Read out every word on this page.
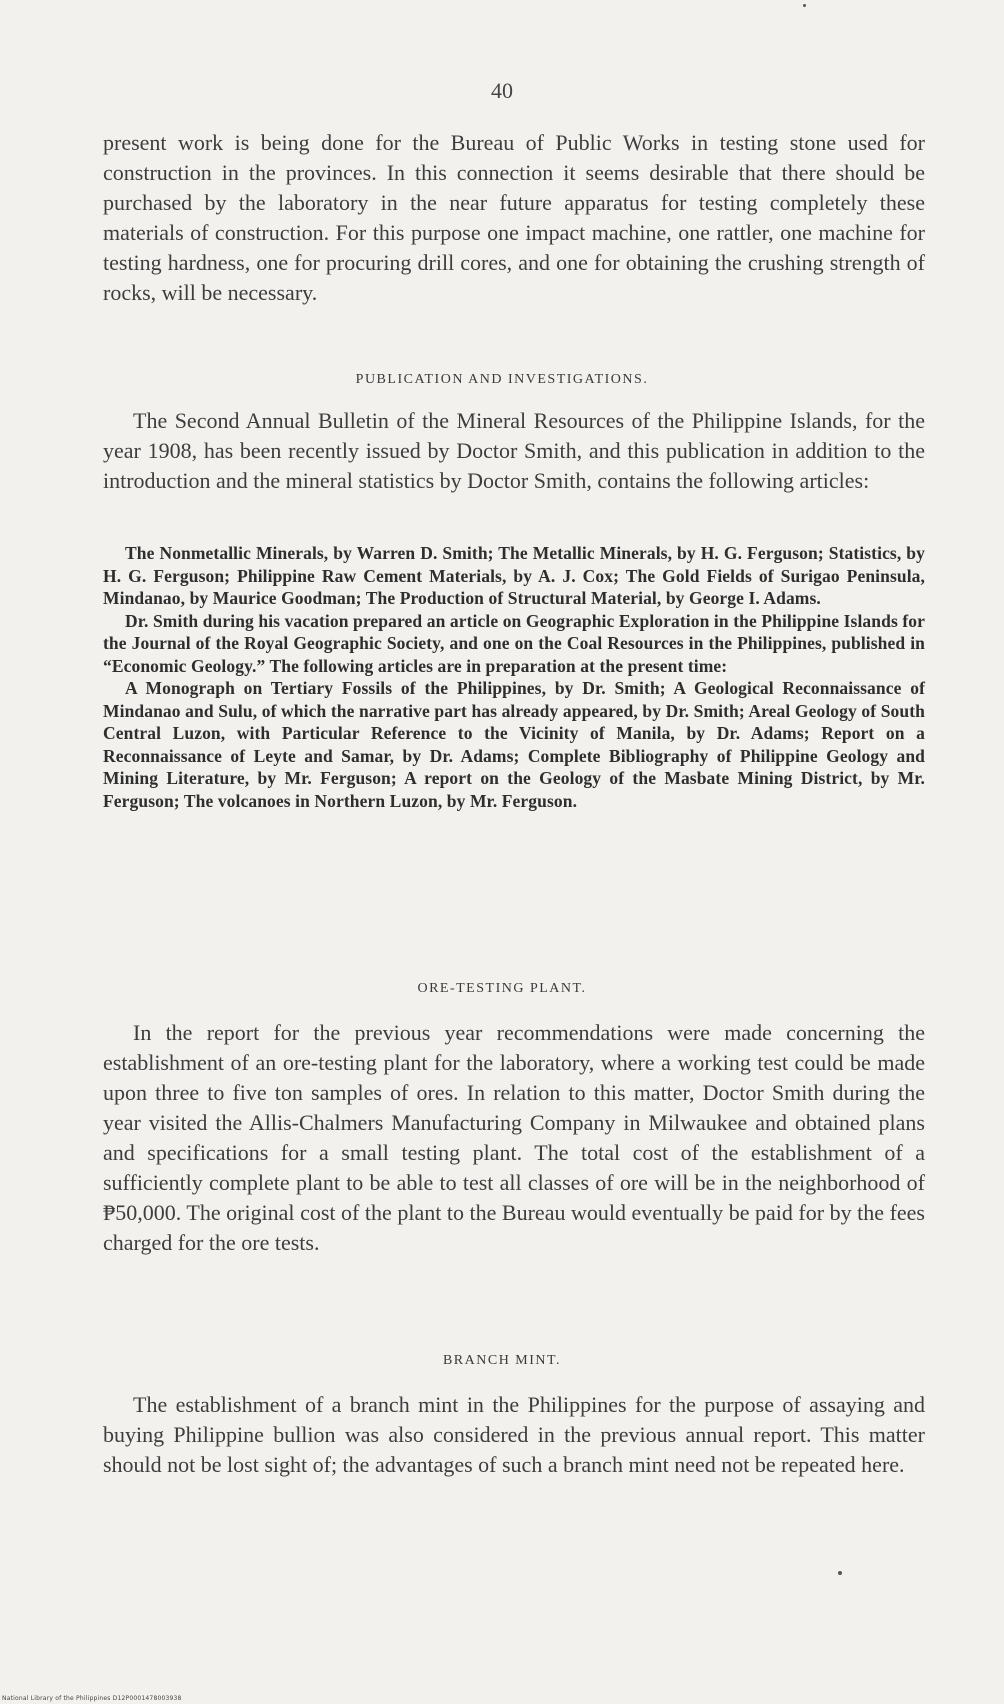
40

present work is being done for the Bureau of Public Works in testing stone used for construction in the provinces. In this connection it seems desirable that there should be purchased by the laboratory in the near future apparatus for testing completely these materials of construction. For this purpose one impact machine, one rattler, one machine for testing hardness, one for procuring drill cores, and one for obtaining the crushing strength of rocks, will be necessary.

PUBLICATION AND INVESTIGATIONS.

The Second Annual Bulletin of the Mineral Resources of the Philippine Islands, for the year 1908, has been recently issued by Doctor Smith, and this publication in addition to the introduction and the mineral statistics by Doctor Smith, contains the following articles:

The Nonmetallic Minerals, by Warren D. Smith; The Metallic Minerals, by H. G. Ferguson; Statistics, by H. G. Ferguson; Philippine Raw Cement Materials, by A. J. Cox; The Gold Fields of Surigao Peninsula, Mindanao, by Maurice Goodman; The Production of Structural Material, by George I. Adams.

Dr. Smith during his vacation prepared an article on Geographic Exploration in the Philippine Islands for the Journal of the Royal Geographic Society, and one on the Coal Resources in the Philippines, published in “Economic Geology.” The following articles are in preparation at the present time:

A Monograph on Tertiary Fossils of the Philippines, by Dr. Smith; A Geological Reconnaissance of Mindanao and Sulu, of which the narrative part has already appeared, by Dr. Smith; Areal Geology of South Central Luzon, with Particular Reference to the Vicinity of Manila, by Dr. Adams; Report on a Reconnaissance of Leyte and Samar, by Dr. Adams; Complete Bibliography of Philippine Geology and Mining Literature, by Mr. Ferguson; A report on the Geology of the Masbate Mining District, by Mr. Ferguson; The volcanoes in Northern Luzon, by Mr. Ferguson.

ORE-TESTING PLANT.

In the report for the previous year recommendations were made concerning the establishment of an ore-testing plant for the laboratory, where a working test could be made upon three to five ton samples of ores. In relation to this matter, Doctor Smith during the year visited the Allis-Chalmers Manufacturing Company in Milwaukee and obtained plans and specifications for a small testing plant. The total cost of the establishment of a sufficiently complete plant to be able to test all classes of ore will be in the neighborhood of ₱50,000. The original cost of the plant to the Bureau would eventually be paid for by the fees charged for the ore tests.

BRANCH MINT.

The establishment of a branch mint in the Philippines for the purpose of assaying and buying Philippine bullion was also considered in the previous annual report. This matter should not be lost sight of; the advantages of such a branch mint need not be repeated here.

National Library of the Philippines D12P0001478003938
